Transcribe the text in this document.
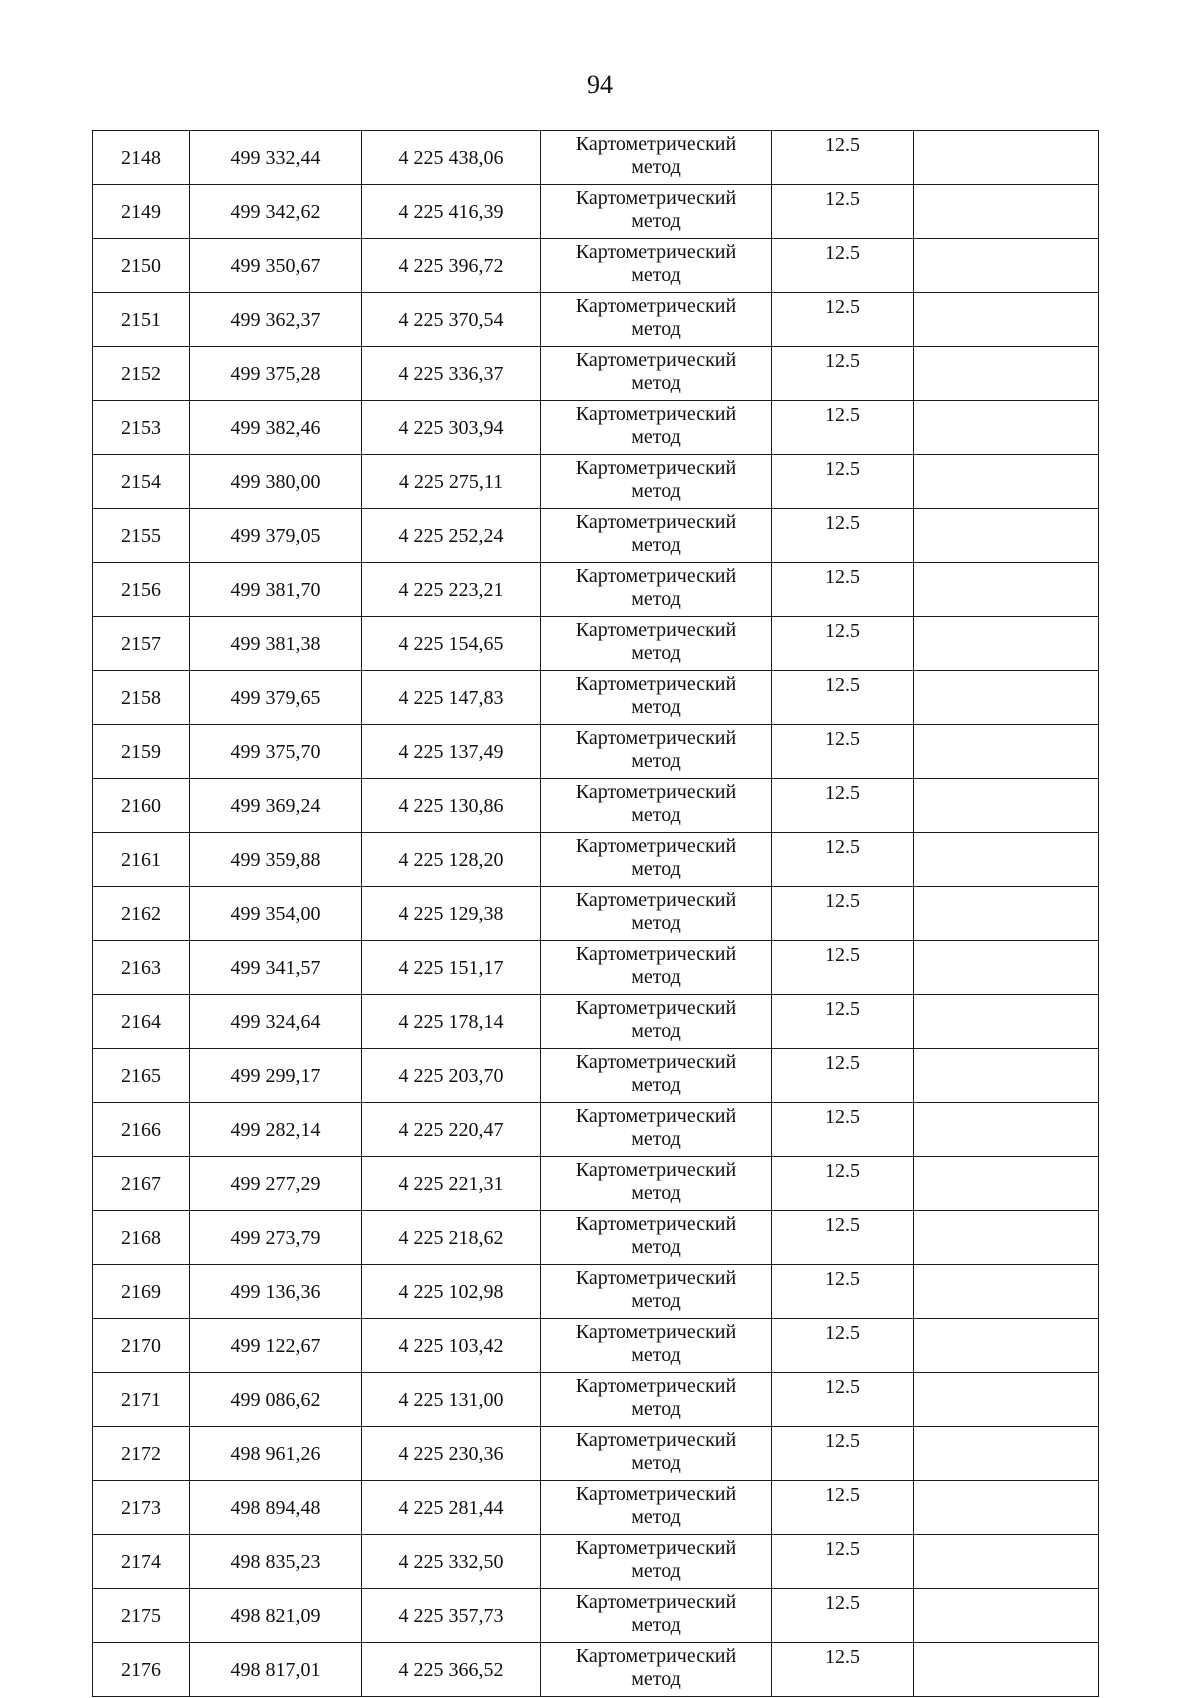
94
2148	499 332,44	4 225 438,06	Картометрический
метод	12.5	
2149	499 342,62	4 225 416,39	Картометрический
метод	12.5	
2150	499 350,67	4 225 396,72	Картометрический
метод	12.5	
2151	499 362,37	4 225 370,54	Картометрический
метод	12.5	
2152	499 375,28	4 225 336,37	Картометрический
метод	12.5	
2153	499 382,46	4 225 303,94	Картометрический
метод	12.5	
2154	499 380,00	4 225 275,11	Картометрический
метод	12.5	
2155	499 379,05	4 225 252,24	Картометрический
метод	12.5	
2156	499 381,70	4 225 223,21	Картометрический
метод	12.5	
2157	499 381,38	4 225 154,65	Картометрический
метод	12.5	
2158	499 379,65	4 225 147,83	Картометрический
метод	12.5	
2159	499 375,70	4 225 137,49	Картометрический
метод	12.5	
2160	499 369,24	4 225 130,86	Картометрический
метод	12.5	
2161	499 359,88	4 225 128,20	Картометрический
метод	12.5	
2162	499 354,00	4 225 129,38	Картометрический
метод	12.5	
2163	499 341,57	4 225 151,17	Картометрический
метод	12.5	
2164	499 324,64	4 225 178,14	Картометрический
метод	12.5	
2165	499 299,17	4 225 203,70	Картометрический
метод	12.5	
2166	499 282,14	4 225 220,47	Картометрический
метод	12.5	
2167	499 277,29	4 225 221,31	Картометрический
метод	12.5	
2168	499 273,79	4 225 218,62	Картометрический
метод	12.5	
2169	499 136,36	4 225 102,98	Картометрический
метод	12.5	
2170	499 122,67	4 225 103,42	Картометрический
метод	12.5	
2171	499 086,62	4 225 131,00	Картометрический
метод	12.5	
2172	498 961,26	4 225 230,36	Картометрический
метод	12.5	
2173	498 894,48	4 225 281,44	Картометрический
метод	12.5	
2174	498 835,23	4 225 332,50	Картометрический
метод	12.5	
2175	498 821,09	4 225 357,73	Картометрический
метод	12.5	
2176	498 817,01	4 225 366,52	Картометрический
метод	12.5	
